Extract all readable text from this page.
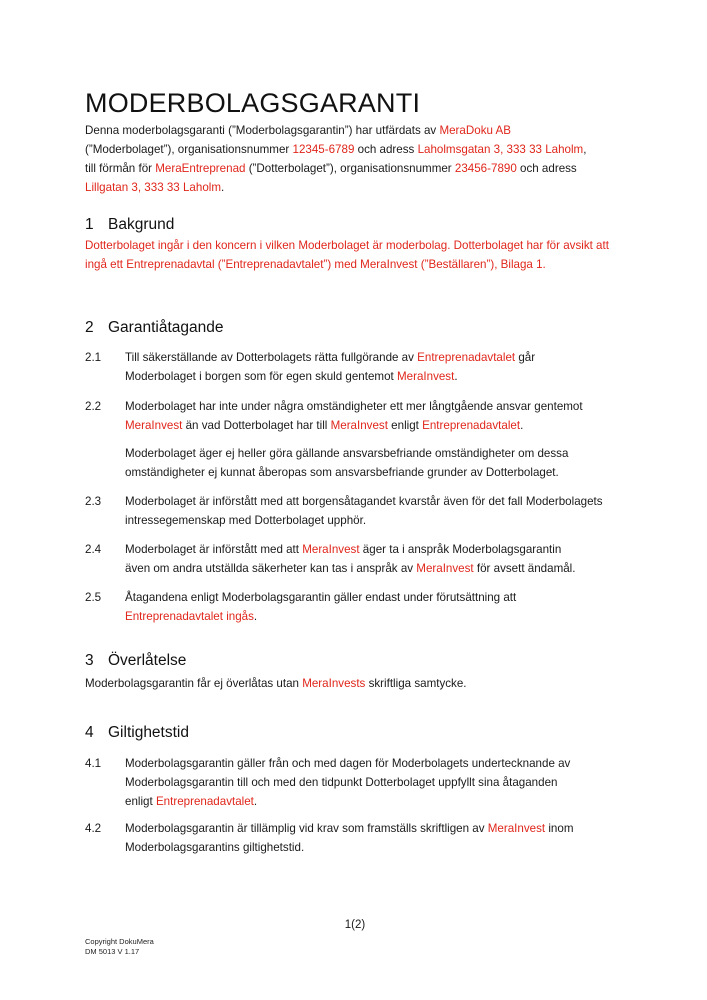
MODERBOLAGSGARANTI
Denna moderbolagsgaranti (”Moderbolagsgarantin”) har utfärdats av MeraDoku AB
(”Moderbolaget”), organisationsnummer 12345-6789 och adress Laholmsgatan 3, 333 33 Laholm,
till förmån för MeraEntreprenad (”Dotterbolaget”), organisationsnummer 23456-7890 och adress
Lillgatan 3, 333 33 Laholm.
1 Bakgrund
Dotterbolaget ingår i den koncern i vilken Moderbolaget är moderbolag. Dotterbolaget har för avsikt att ingå ett Entreprenadavtal (”Entreprenadavtalet”) med MeraInvest (”Beställaren”), Bilaga 1.
2 Garantiåtagande
2.1 Till säkerställande av Dotterbolagets rätta fullgörande av Entreprenadavtalet går
Moderbolaget i borgen som för egen skuld gentemot MeraInvest.
2.2 Moderbolaget har inte under några omständigheter ett mer långtgående ansvar gentemot
MeraInvest än vad Dotterbolaget har till MeraInvest enligt Entreprenadavtalet.
Moderbolaget äger ej heller göra gällande ansvarsbefriande omständigheter om dessa omständigheter ej kunnat åberopas som ansvarsbefriande grunder av Dotterbolaget.
2.3 Moderbolaget är införstått med att borgensåtagandet kvarstår även för det fall Moderbolagets intressegemenskap med Dotterbolaget upphör.
2.4 Moderbolaget är införstått med att MeraInvest äger ta i anspråk Moderbolagsgarantin
även om andra utställda säkerheter kan tas i anspråk av MeraInvest för avsett ändamål.
2.5 Åtagandena enligt Moderbolagsgarantin gäller endast under förutsättning att
Entreprenadavtalet ingås.
3 Överlåtelse
Moderbolagsgarantin får ej överlåtas utan MeraInvests skriftliga samtycke.
4 Giltighetstid
4.1 Moderbolagsgarantin gäller från och med dagen för Moderbolagets undertecknande av Moderbolagsgarantin till och med den tidpunkt Dotterbolaget uppfyllt sina åtaganden
enligt Entreprenadavtalet.
4.2 Moderbolagsgarantin är tillämplig vid krav som framställs skriftligen av MeraInvest inom
Moderbolagsgarantins giltighetstid.
1(2)
Copyright DokuMera
DM 5013 V 1.17
